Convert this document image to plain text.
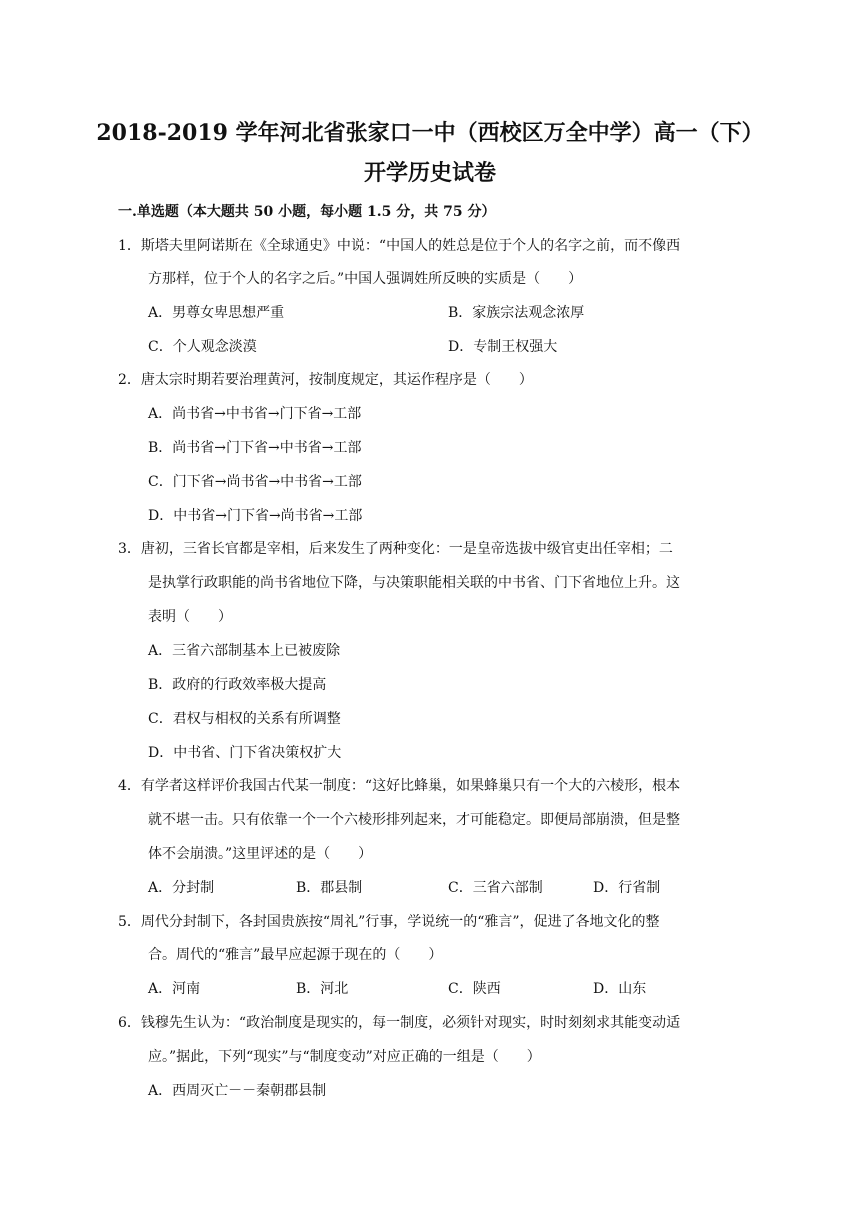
2018-2019 学年河北省张家口一中（西校区万全中学）高一（下）
开学历史试卷
一.单选题（本大题共 50 小题，每小题 1.5 分，共 75 分）
1．斯塔夫里阿诺斯在《全球通史》中说：“中国人的姓总是位于个人的名字之前，而不像西
方那样，位于个人的名字之后。”中国人强调姓所反映的实质是（　　）
A．男尊女卑思想严重	B．家族宗法观念浓厚
C．个人观念淡漠	D．专制王权强大
2．唐太宗时期若要治理黄河，按制度规定，其运作程序是（　　）
A．尚书省→中书省→门下省→工部
B．尚书省→门下省→中书省→工部
C．门下省→尚书省→中书省→工部
D．中书省→门下省→尚书省→工部
3．唐初，三省长官都是宰相，后来发生了两种变化：一是皇帝选拔中级官吏出任宰相；二
是执掌行政职能的尚书省地位下降，与决策职能相关联的中书省、门下省地位上升。这
表明（　　）
A．三省六部制基本上已被废除
B．政府的行政效率极大提高
C．君权与相权的关系有所调整
D．中书省、门下省决策权扩大
4．有学者这样评价我国古代某一制度：“这好比蜂巢，如果蜂巢只有一个大的六棱形，根本
就不堪一击。只有依靠一个一个六棱形排列起来，才可能稳定。即便局部崩溃，但是整
体不会崩溃。”这里评述的是（　　）
A．分封制	B．郡县制	C．三省六部制	D．行省制
5．周代分封制下，各封国贵族按“周礼”行事，学说统一的“雅言”，促进了各地文化的整
合。周代的“雅言”最早应起源于现在的（　　）
A．河南	B．河北	C．陕西	D．山东
6．钱穆先生认为：“政治制度是现实的，每一制度，必须针对现实，时时刻刻求其能变动适
应。”据此，下列“现实”与“制度变动”对应正确的一组是（　　）
A．西周灭亡－－秦朝郡县制
